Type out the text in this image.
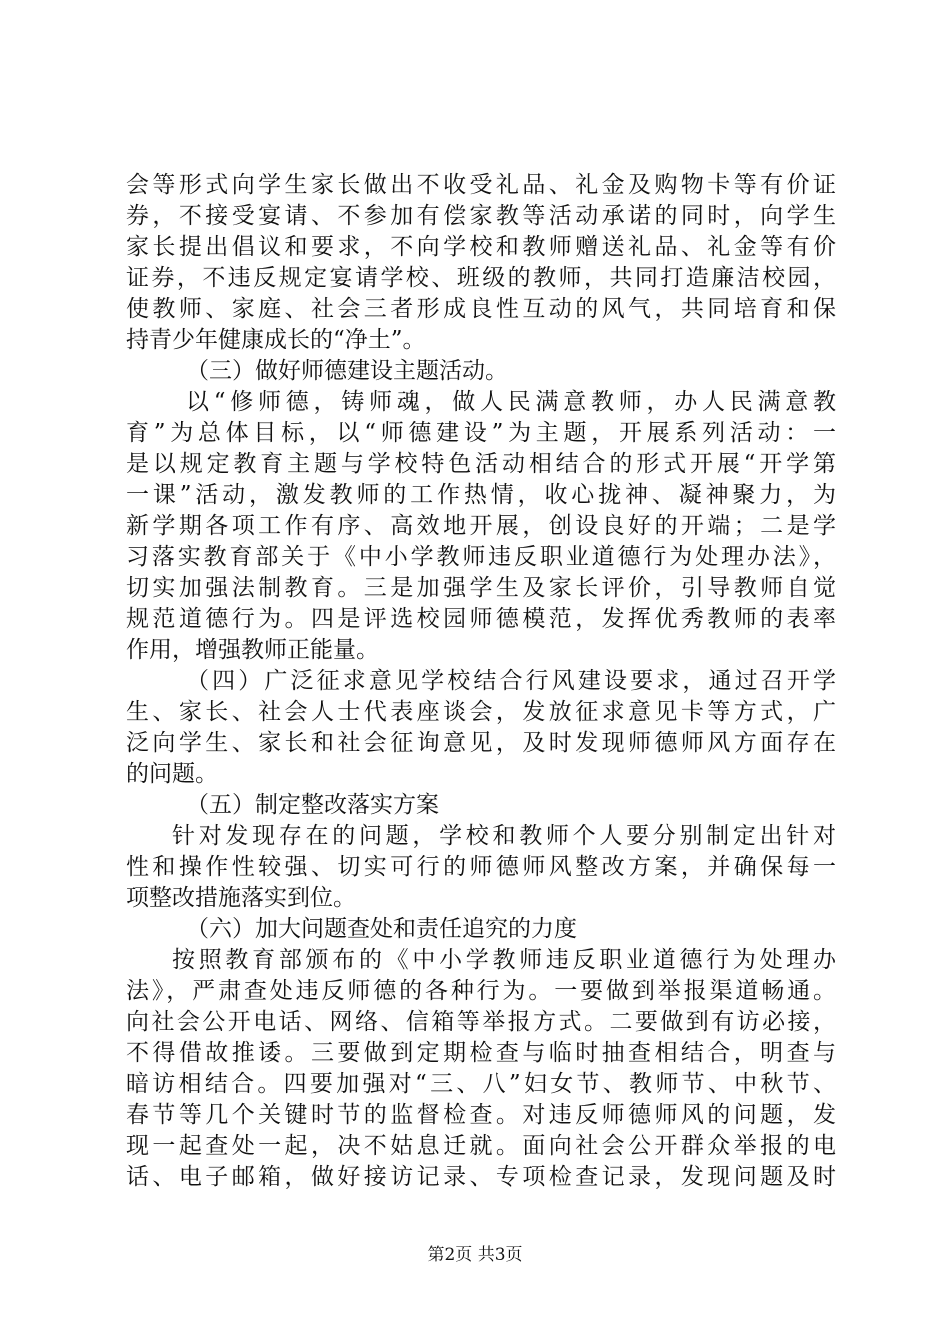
会等形式向学生家长做出不收受礼品、礼金及购物卡等有价证
券，不接受宴请、不参加有偿家教等活动承诺的同时，向学生
家长提出倡议和要求，不向学校和教师赠送礼品、礼金等有价
证券，不违反规定宴请学校、班级的教师，共同打造廉洁校园，
使教师、家庭、社会三者形成良性互动的风气，共同培育和保
持青少年健康成长的“净土”。
（三）做好师德建设主题活动。
以“修师德，铸师魂，做人民满意教师，办人民满意教
育”为总体目标，以“师德建设”为主题，开展系列活动：一
是以规定教育主题与学校特色活动相结合的形式开展“开学第
一课”活动，激发教师的工作热情，收心拢神、凝神聚力，为
新学期各项工作有序、高效地开展，创设良好的开端；二是学
习落实教育部关于《中小学教师违反职业道德行为处理办法》，
切实加强法制教育。三是加强学生及家长评价，引导教师自觉
规范道德行为。四是评选校园师德模范，发挥优秀教师的表率
作用，增强教师正能量。
（四）广泛征求意见学校结合行风建设要求，通过召开学
生、家长、社会人士代表座谈会，发放征求意见卡等方式，广
泛向学生、家长和社会征询意见，及时发现师德师风方面存在
的问题。
（五）制定整改落实方案
针对发现存在的问题，学校和教师个人要分别制定出针对
性和操作性较强、切实可行的师德师风整改方案，并确保每一
项整改措施落实到位。
（六）加大问题查处和责任追究的力度
按照教育部颁布的《中小学教师违反职业道德行为处理办
法》，严肃查处违反师德的各种行为。一要做到举报渠道畅通。
向社会公开电话、网络、信箱等举报方式。二要做到有访必接，
不得借故推诿。三要做到定期检查与临时抽查相结合，明查与
暗访相结合。四要加强对“三、八”妇女节、教师节、中秋节、
春节等几个关键时节的监督检查。对违反师德师风的问题，发
现一起查处一起，决不姑息迁就。面向社会公开群众举报的电
话、电子邮箱，做好接访记录、专项检查记录，发现问题及时
第2页 共3页
